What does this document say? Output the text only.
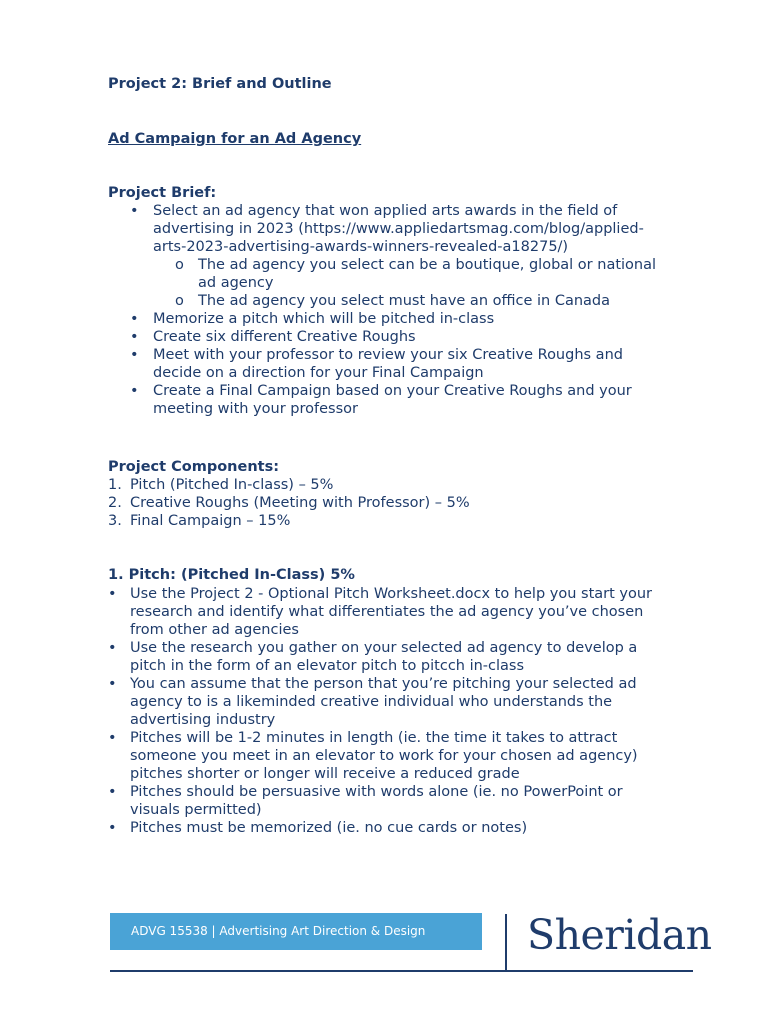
Project 2: Brief and Outline
Ad Campaign for an Ad Agency
Project Brief:
• Select an ad agency that won applied arts awards in the field of
advertising in 2023 (https://www.appliedartsmag.com/blog/applied-
arts-2023-advertising-awards-winners-revealed-a18275/)
o The ad agency you select can be a boutique, global or national
ad agency
o The ad agency you select must have an office in Canada
• Memorize a pitch which will be pitched in-class
• Create six different Creative Roughs
• Meet with your professor to review your six Creative Roughs and
decide on a direction for your Final Campaign
• Create a Final Campaign based on your Creative Roughs and your
meeting with your professor
Project Components:
1. Pitch (Pitched In-class) – 5%
2. Creative Roughs (Meeting with Professor) – 5%
3. Final Campaign – 15%
1. Pitch: (Pitched In-Class) 5%
• Use the Project 2 - Optional Pitch Worksheet.docx to help you start your
research and identify what differentiates the ad agency you’ve chosen
from other ad agencies
• Use the research you gather on your selected ad agency to develop a
pitch in the form of an elevator pitch to pitcch in-class
• You can assume that the person that you’re pitching your selected ad
agency to is a likeminded creative individual who understands the
advertising industry
• Pitches will be 1-2 minutes in length (ie. the time it takes to attract
someone you meet in an elevator to work for your chosen ad agency)
pitches shorter or longer will receive a reduced grade
• Pitches should be persuasive with words alone (ie. no PowerPoint or
visuals permitted)
• Pitches must be memorized (ie. no cue cards or notes)
ADVG 15538 | Advertising Art Direction & Design Sheridan
